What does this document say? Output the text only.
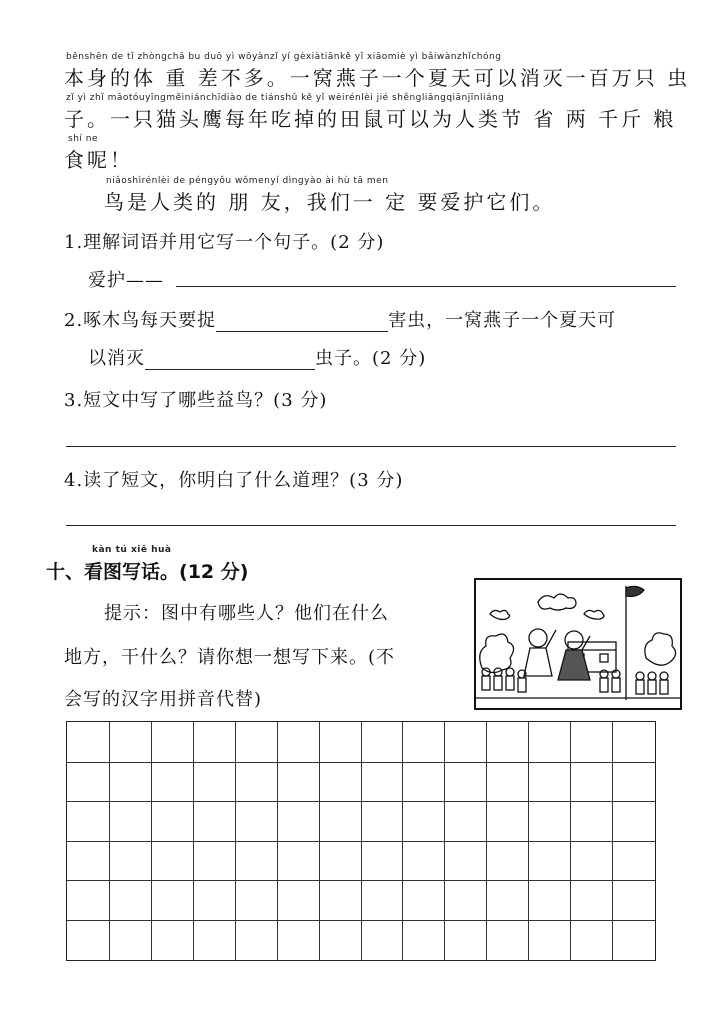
běnshēn de tǐ zhòngchā bu duō yì wōyànzǐ yí gèxiàtiānkě yǐ xiāomiè yì bǎiwànzhǐchóng
本身的体 重 差不多。一窝燕子一个夏天可以消灭一百万只 虫
zǐ yì zhǐ māotóuyīngměiniánchīdiào de tiánshǔ kě yǐ wèirénlèi jié shěngliǎngqiānjīnliáng
子。一只猫头鹰每年吃掉的田鼠可以为人类节 省 两 千斤 粮
shí ne
食呢！
niǎoshìrénlèi de péngyǒu wǒmenyí dìngyào ài hù tā men
鸟是人类的 朋 友，我们一 定 要爱护它们。
1.理解词语并用它写一个句子。(2 分)
爱护——
2.啄木鸟每天要捉	害虫，一窝燕子一个夏天可
以消灭	虫子。(2 分)
3.短文中写了哪些益鸟？(3 分)
4.读了短文，你明白了什么道理？(3 分)
kàn tú xiě huà
十、看图写话。(12 分)
提示：图中有哪些人？他们在什么
地方，干什么？请你想一想写下来。(不
会写的汉字用拼音代替)
